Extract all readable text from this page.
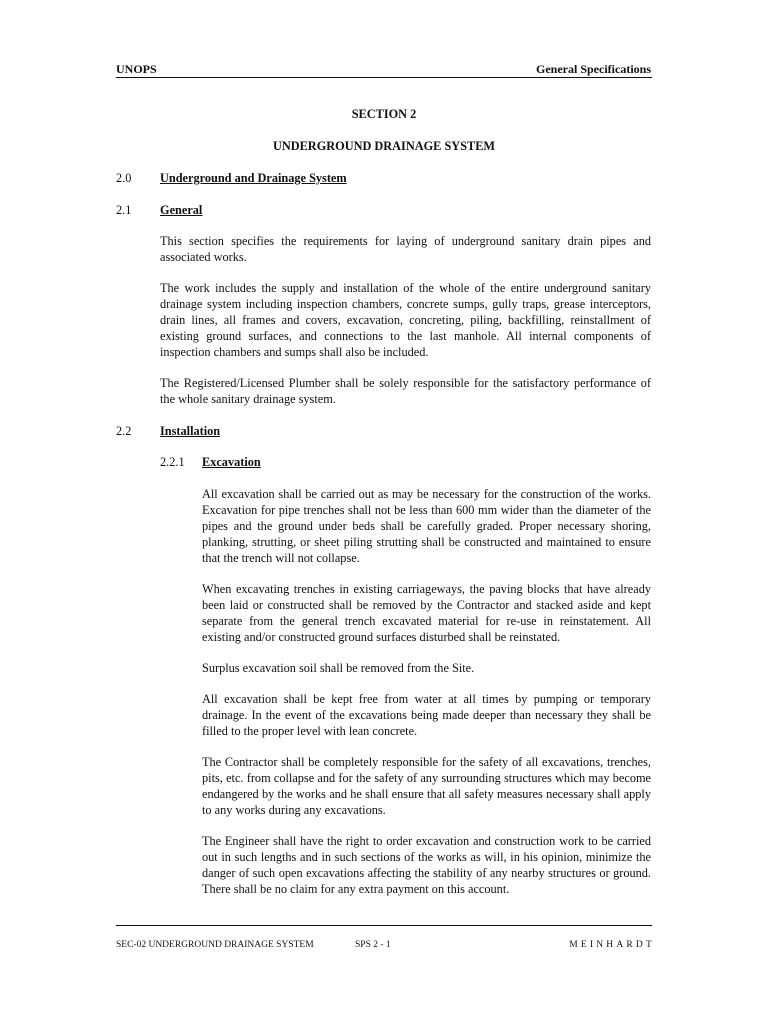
UNOPS	General Specifications
SECTION 2
UNDERGROUND DRAINAGE SYSTEM
2.0 Underground and Drainage System
2.1 General
This section specifies the requirements for laying of underground sanitary drain pipes and associated works.
The work includes the supply and installation of the whole of the entire underground sanitary drainage system including inspection chambers, concrete sumps, gully traps, grease interceptors, drain lines, all frames and covers, excavation, concreting, piling, backfilling, reinstallment of existing ground surfaces, and connections to the last manhole. All internal components of inspection chambers and sumps shall also be included.
The Registered/Licensed Plumber shall be solely responsible for the satisfactory performance of the whole sanitary drainage system.
2.2 Installation
2.2.1 Excavation
All excavation shall be carried out as may be necessary for the construction of the works. Excavation for pipe trenches shall not be less than 600 mm wider than the diameter of the pipes and the ground under beds shall be carefully graded. Proper necessary shoring, planking, strutting, or sheet piling strutting shall be constructed and maintained to ensure that the trench will not collapse.
When excavating trenches in existing carriageways, the paving blocks that have already been laid or constructed shall be removed by the Contractor and stacked aside and kept separate from the general trench excavated material for re-use in reinstatement. All existing and/or constructed ground surfaces disturbed shall be reinstated.
Surplus excavation soil shall be removed from the Site.
All excavation shall be kept free from water at all times by pumping or temporary drainage. In the event of the excavations being made deeper than necessary they shall be filled to the proper level with lean concrete.
The Contractor shall be completely responsible for the safety of all excavations, trenches, pits, etc. from collapse and for the safety of any surrounding structures which may become endangered by the works and he shall ensure that all safety measures necessary shall apply to any works during any excavations.
The Engineer shall have the right to order excavation and construction work to be carried out in such lengths and in such sections of the works as will, in his opinion, minimize the danger of such open excavations affecting the stability of any nearby structures or ground. There shall be no claim for any extra payment on this account.
SEC-02 UNDERGROUND DRAINAGE SYSTEM	SPS 2 - 1	MEINHARDT
